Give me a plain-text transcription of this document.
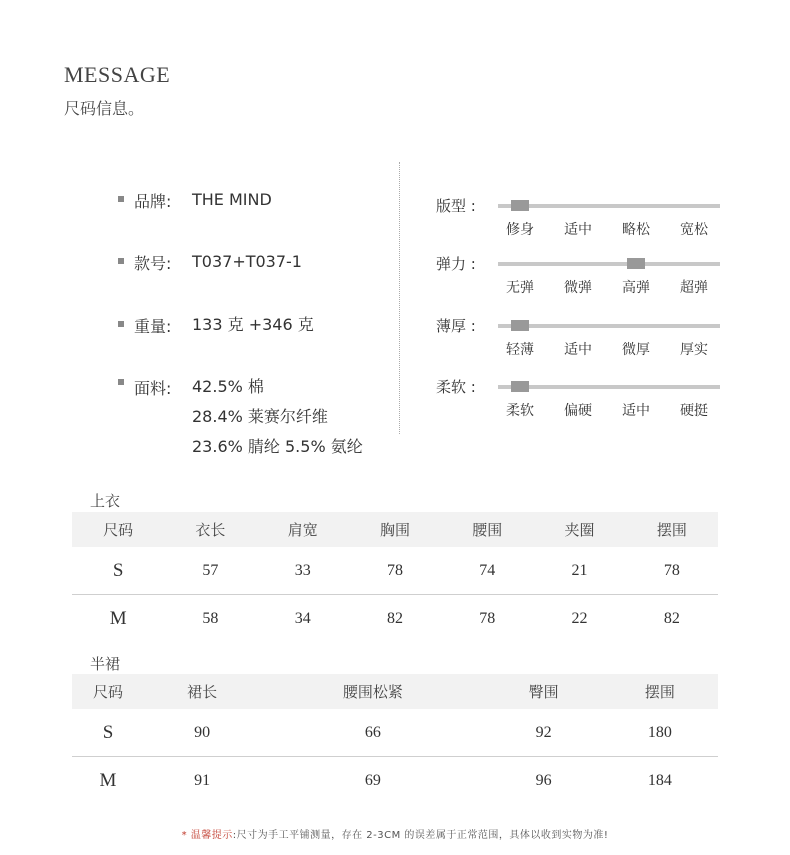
MESSAGE
尺码信息。
品牌:	THE MIND
款号:	T037+T037-1
重量:	133 克 +346 克
面料:	42.5% 棉
28.4% 莱赛尔纤维
23.6% 腈纶 5.5% 氨纶
版型 :
修身	适中	略松	宽松
弹力 :
无弹	微弹	高弹	超弹
薄厚 :
轻薄	适中	微厚	厚实
柔软 :
柔软	偏硬	适中	硬挺
上衣
尺码	衣长	肩宽	胸围	腰围	夹圈	摆围
S	57	33	78	74	21	78
M	58	34	82	78	22	82
半裙
尺码	裙长	腰围松紧	臀围	摆围
S	90	66	92	180
M	91	69	96	184
* 温馨提示:尺寸为手工平铺测量，存在 2-3CM 的误差属于正常范围，具体以收到实物为准!
